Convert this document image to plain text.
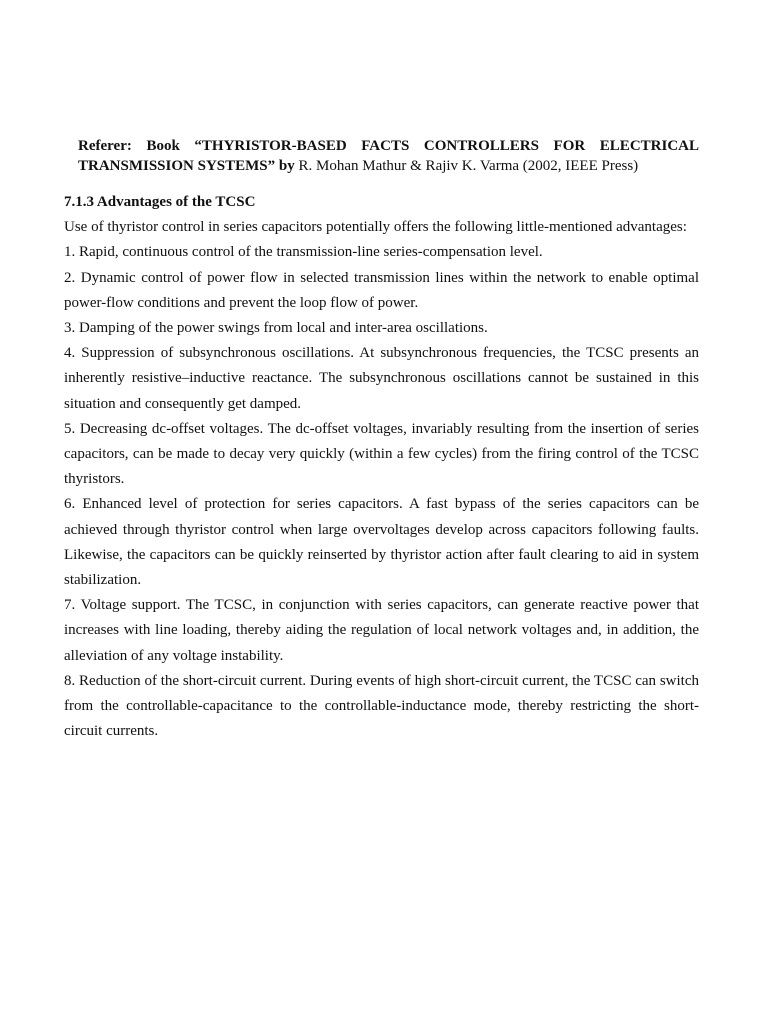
Referer: Book “THYRISTOR-BASED FACTS CONTROLLERS FOR ELECTRICAL TRANSMISSION SYSTEMS” by R. Mohan Mathur & Rajiv K. Varma (2002, IEEE Press)

7.1.3 Advantages of the TCSC

Use of thyristor control in series capacitors potentially offers the following little-mentioned advantages:

1. Rapid, continuous control of the transmission-line series-compensation level.

2. Dynamic control of power flow in selected transmission lines within the network to enable optimal power-flow conditions and prevent the loop flow of power.

3. Damping of the power swings from local and inter-area oscillations.

4. Suppression of subsynchronous oscillations. At subsynchronous frequencies, the TCSC presents an inherently resistive–inductive reactance. The subsynchronous oscillations cannot be sustained in this situation and consequently get damped.

5. Decreasing dc-offset voltages. The dc-offset voltages, invariably resulting from the insertion of series capacitors, can be made to decay very quickly (within a few cycles) from the firing control of the TCSC thyristors.

6. Enhanced level of protection for series capacitors. A fast bypass of the series capacitors can be achieved through thyristor control when large overvoltages develop across capacitors following faults. Likewise, the capacitors can be quickly reinserted by thyristor action after fault clearing to aid in system stabilization.

7. Voltage support. The TCSC, in conjunction with series capacitors, can generate reactive power that increases with line loading, thereby aiding the regulation of local network voltages and, in addition, the alleviation of any voltage instability.

8. Reduction of the short-circuit current. During events of high short-circuit current, the TCSC can switch from the controllable-capacitance to the controllable-inductance mode, thereby restricting the short-circuit currents.
